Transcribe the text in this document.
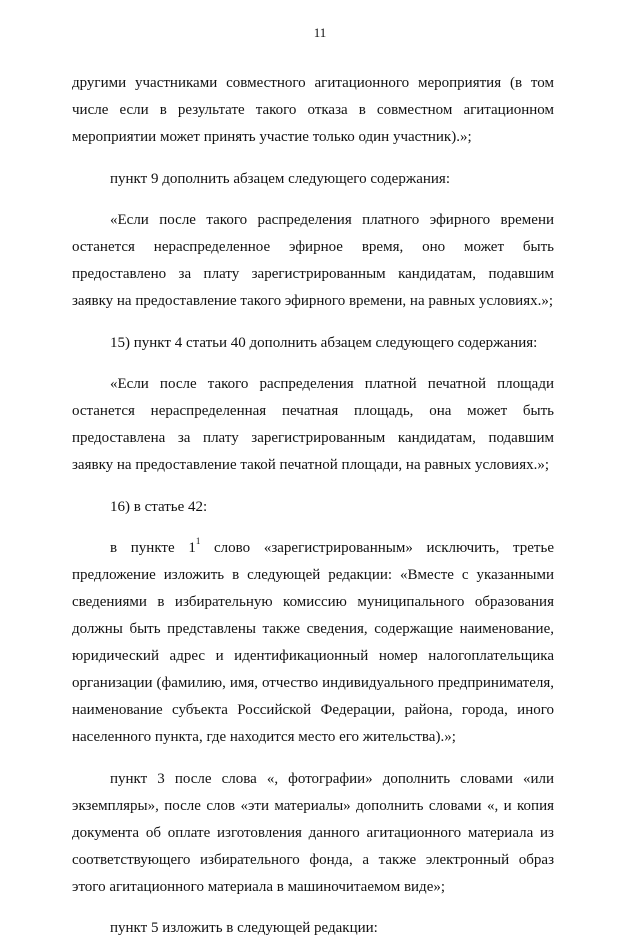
11

другими участниками совместного агитационного мероприятия (в том числе если в результате такого отказа в совместном агитационном мероприятии может принять участие только один участник).»;

пункт 9 дополнить абзацем следующего содержания:

«Если после такого распределения платного эфирного времени останется нераспределенное эфирное время, оно может быть предоставлено за плату зарегистрированным кандидатам, подавшим заявку на предоставление такого эфирного времени, на равных условиях.»;

15) пункт 4 статьи 40 дополнить абзацем следующего содержания:

«Если после такого распределения платной печатной площади останется нераспределенная печатная площадь, она может быть предоставлена за плату зарегистрированным кандидатам, подавшим заявку на предоставление такой печатной площади, на равных условиях.»;

16) в статье 42:

в пункте $1^1$ слово «зарегистрированным» исключить, третье предложение изложить в следующей редакции: «Вместе с указанными сведениями в избирательную комиссию муниципального образования должны быть представлены также сведения, содержащие наименование, юридический адрес и идентификационный номер налогоплательщика организации (фамилию, имя, отчество индивидуального предпринимателя, наименование субъекта Российской Федерации, района, города, иного населенного пункта, где находится место его жительства).»;

пункт 3 после слова «, фотографии» дополнить словами «или экземпляры», после слов «эти материалы» дополнить словами «, и копия документа об оплате изготовления данного агитационного материала из соответствующего избирательного фонда, а также электронный образ этого агитационного материала в машиночитаемом виде»;

пункт 5 изложить в следующей редакции:
